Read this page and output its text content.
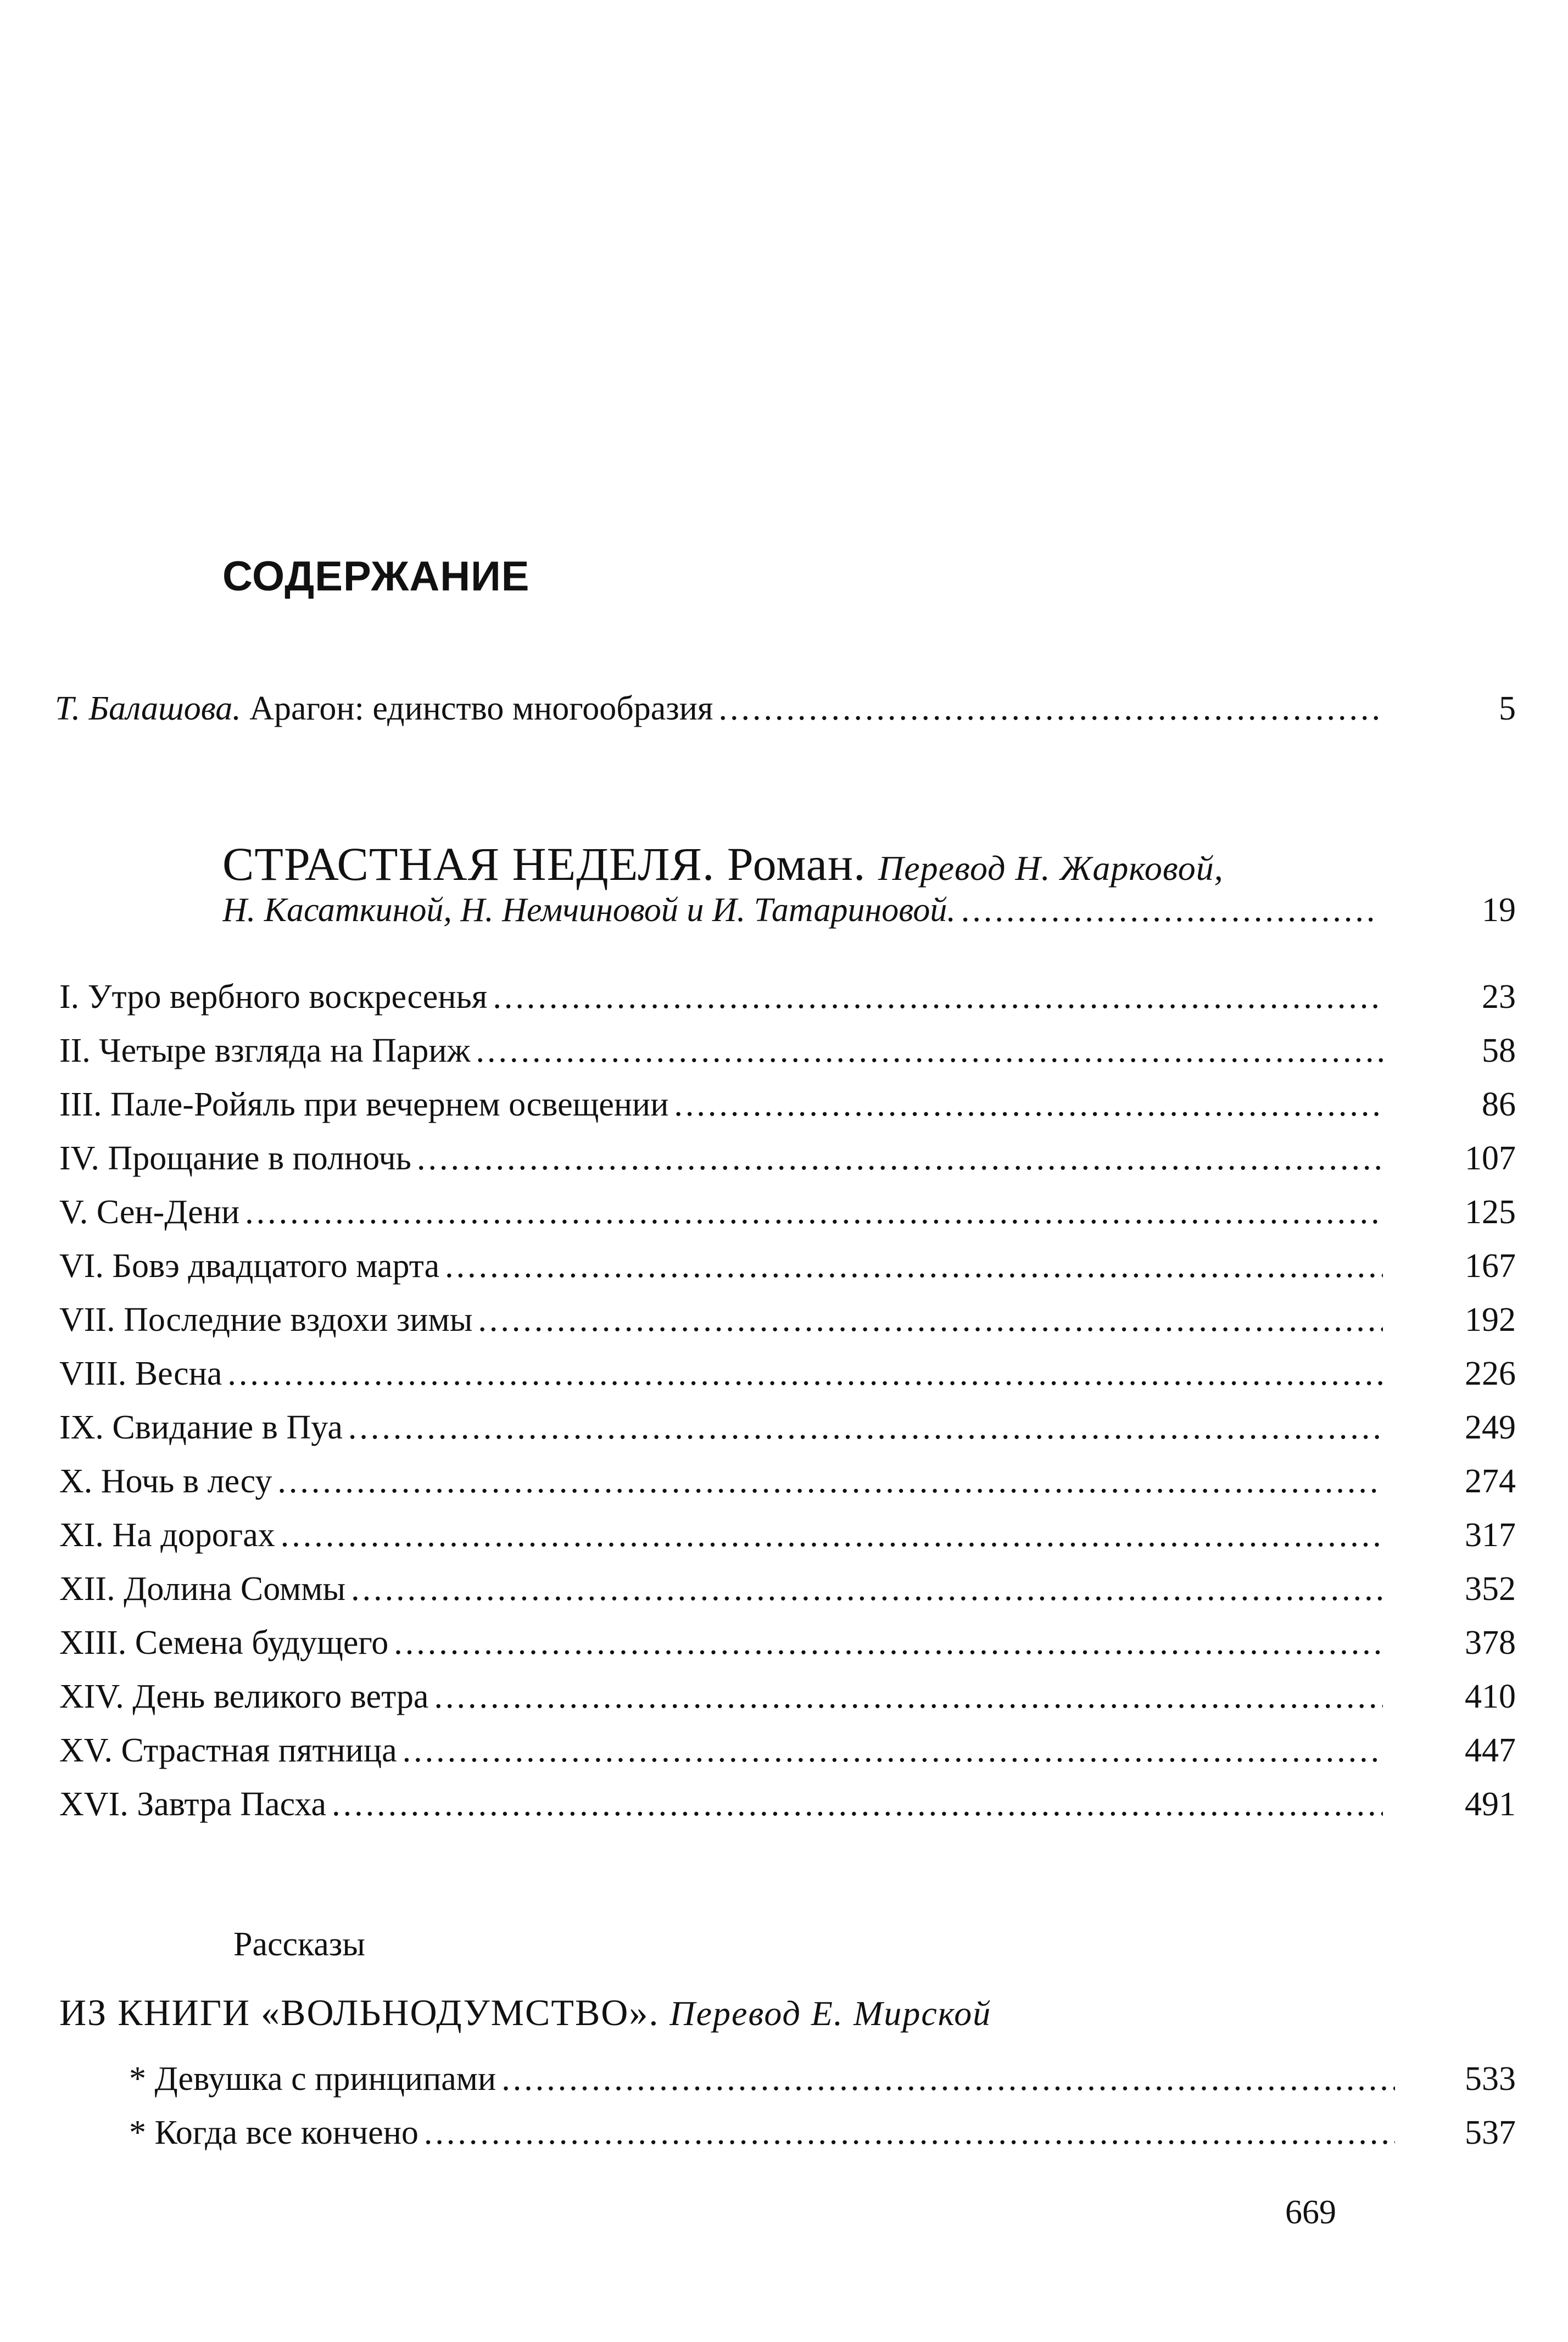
СОДЕРЖАНИЕ
Т. Балашова. Арагон: единство многообразия .....	5
СТРАСТНАЯ НЕДЕЛЯ. Роман. Перевод Н. Жарковой,
Н. Касаткиной, Н. Немчиновой и И. Татариновой. .....	19
I. Утро вербного воскресенья .....	23
II. Четыре взгляда на Париж .....	58
III. Пале-Ройяль при вечернем освещении .....	86
IV. Прощание в полночь .....	107
V. Сен-Дени .....	125
VI. Бовэ двадцатого марта .....	167
VII. Последние вздохи зимы .....	192
VIII. Весна .....	226
IX. Свидание в Пуа .....	249
X. Ночь в лесу .....	274
XI. На дорогах .....	317
XII. Долина Соммы .....	352
XIII. Семена будущего .....	378
XIV. День великого ветра .....	410
XV. Страстная пятница .....	447
XVI. Завтра Пасха .....	491
Рассказы
ИЗ КНИГИ «ВОЛЬНОДУМСТВО». Перевод Е. Мирской
* Девушка с принципами .....	533
* Когда все кончено .....	537
669
